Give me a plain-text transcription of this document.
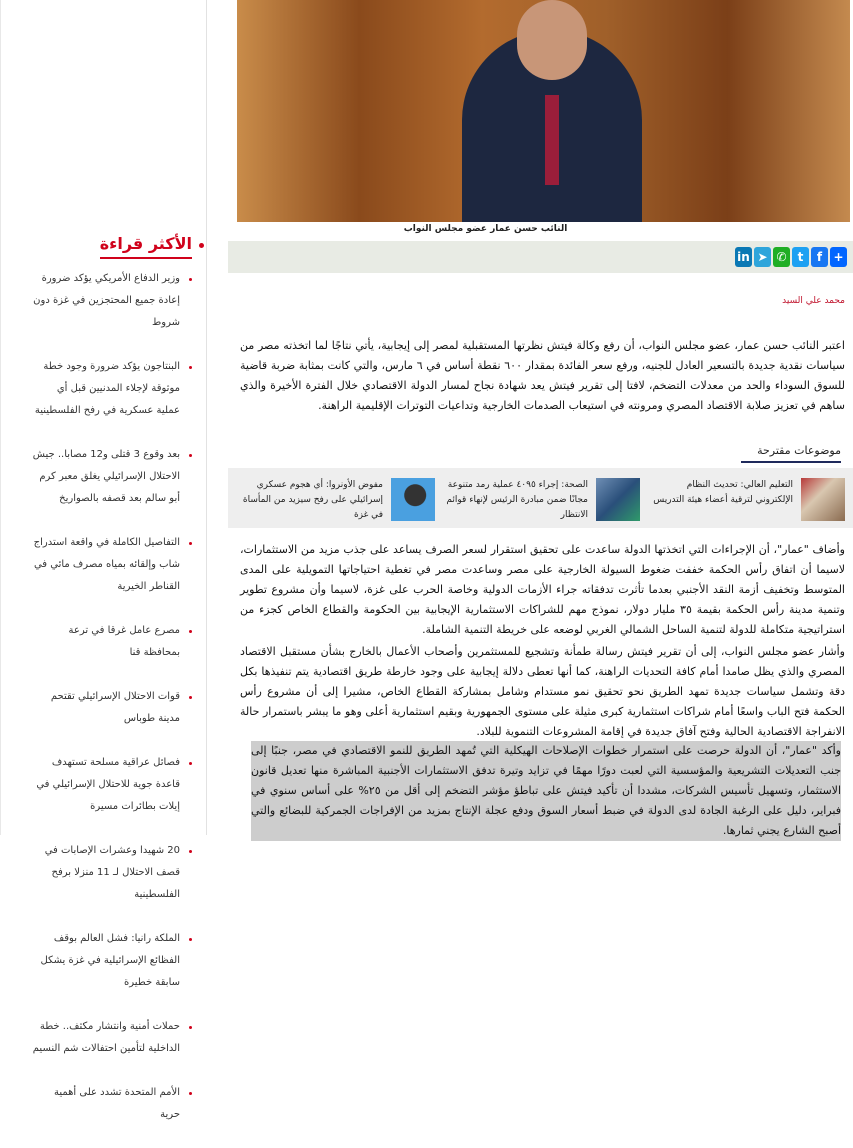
الأكثر قراءة
وزير الدفاع الأمريكي يؤكد ضرورة إعادة جميع المحتجزين في غزة دون شروط
البنتاجون يؤكد ضرورة وجود خطة موثوقة لإجلاء المدنيين قبل أي عملية عسكرية في رفح الفلسطينية
بعد وقوع 3 قتلى و12 مصابا.. جيش الاحتلال الإسرائيلي يغلق معبر كرم أبو سالم بعد قصفه بالصواريخ
التفاصيل الكاملة في واقعة استدراج شاب وإلقائه بمياه مصرف مائي في القناطر الخيرية
مصرع عامل غرقا في ترعة بمحافظة قنا
قوات الاحتلال الإسرائيلي تقتحم مدينة طوباس
فصائل عراقية مسلحة تستهدف قاعدة جوية للاحتلال الإسرائيلي في إيلات بطائرات مسيرة
20 شهيدا وعشرات الإصابات في قصف الاحتلال لـ 11 منزلا برفح الفلسطينية
الملكة رانيا: فشل العالم بوقف الفظائع الإسرائيلية في غزة يشكل سابقة خطيرة
حملات أمنية وانتشار مكثف.. خطة الداخلية لتأمين احتفالات شم النسيم
الأمم المتحدة تشدد على أهمية حرية
النائب حسن عمار عضو مجلس النواب
in ➤ ✆ t	f +
محمد علي السيد

اعتبر النائب حسن عمار، عضو مجلس النواب، أن رفع وكالة فيتش نظرتها المستقبلية لمصر إلى إيجابية، يأتي نتاجًا لما اتخذته مصر من سياسات نقدية جديدة بالتسعير العادل للجنيه، ورفع سعر الفائدة بمقدار ٦٠٠ نقطة أساس في ٦ مارس، والتي كانت بمثابة ضربة قاضية للسوق السوداء والحد من معدلات التضخم، لافتا إلى تقرير فيتش يعد شهادة نجاح لمسار الدولة الاقتصادي خلال الفترة الأخيرة والذي ساهم في تعزيز صلابة الاقتصاد المصري ومرونته في استيعاب الصدمات الخارجية وتداعيات التوترات الإقليمية الراهنة.

موضوعات مقترحة
التعليم العالي: تحديث النظام الإلكتروني لترقية أعضاء هيئة التدريس
الصحة: إجراء ٤٠٩٥ عملية رمد متنوعة مجانًا ضمن مبادرة الرئيس لإنهاء قوائم الانتظار
مفوض الأونروا: أي هجوم عسكري إسرائيلي على رفح سيزيد من المأساة في غزة

وأضاف "عمار"، أن الإجراءات التي اتخذتها الدولة ساعدت على تحقيق استقرار لسعر الصرف يساعد على جذب مزيد من الاستثمارات، لاسيما أن اتفاق رأس الحكمة خففت ضغوط السيولة الخارجية على مصر وساعدت مصر في تغطية احتياجاتها التمويلية على المدى المتوسط وتخفيف أزمة النقد الأجنبي بعدما تأثرت تدفقاته جراء الأزمات الدولية وخاصة الحرب على غزة، لاسيما وأن مشروع تطوير وتنمية مدينة رأس الحكمة بقيمة ٣٥ مليار دولار، نموذج مهم للشراكات الاستثمارية الإيجابية بين الحكومة والقطاع الخاص كجزء من استراتيجية متكاملة للدولة لتنمية الساحل الشمالي الغربي لوضعه على خريطة التنمية الشاملة.

وأشار عضو مجلس النواب، إلى أن تقرير فيتش رسالة طمأنة وتشجيع للمستثمرين وأصحاب الأعمال بالخارج بشأن مستقبل الاقتصاد المصري والذي يظل صامدا أمام كافة التحديات الراهنة، كما أنها تعطى دلالة إيجابية على وجود خارطة طريق اقتصادية يتم تنفيذها بكل دقة وتشمل سياسات جديدة تمهد الطريق نحو تحقيق نمو مستدام وشامل بمشاركة القطاع الخاص، مشيرا إلى أن مشروع رأس الحكمة فتح الباب واسعًا أمام شراكات استثمارية كبرى مثيلة على مستوى الجمهورية وبقيم استثمارية أعلى وهو ما يبشر باستمرار حالة الانفراجة الاقتصادية الحالية وفتح آفاق جديدة في إقامة المشروعات التنموية للبلاد.

وأكد "عمار"، أن الدولة حرصت على استمرار خطوات الإصلاحات الهيكلية التي تُمهد الطريق للنمو الاقتصادي في مصر، جنبًا إلى جنب التعديلات التشريعية والمؤسسية التي لعبت دورًا مهمًا في تزايد وتيرة تدفق الاستثمارات الأجنبية المباشرة منها تعديل قانون الاستثمار، وتسهيل تأسيس الشركات، مشددا أن تأكيد فيتش على تباطؤ مؤشر التضخم إلى أقل من ٢٥% على أساس سنوي في فبراير، دليل على الرغبة الجادة لدى الدولة في ضبط أسعار السوق ودفع عجلة الإنتاج بمزيد من الإفراجات الجمركية للبضائع والتي أصبح الشارع يجني ثمارها.
